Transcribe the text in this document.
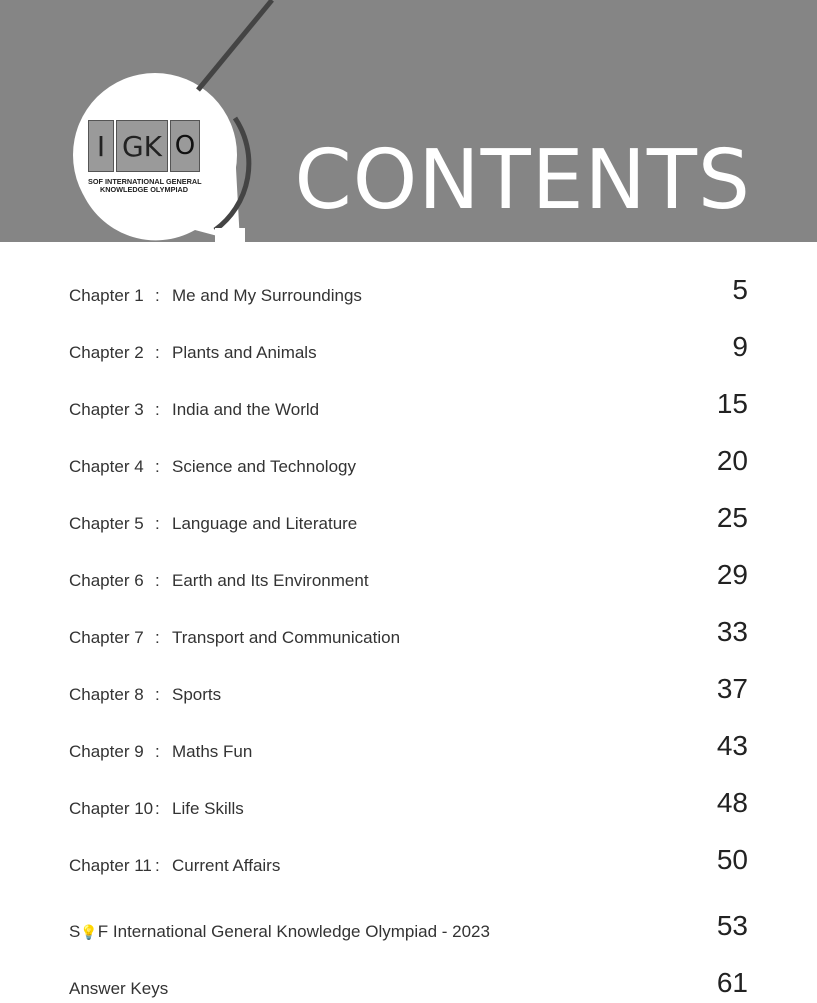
I GK O
SOF INTERNATIONAL GENERAL
KNOWLEDGE OLYMPIAD CONTENTS
Chapter 1 : Me and My Surroundings	5
Chapter 2 : Plants and Animals	9
Chapter 3 : India and the World	15
Chapter 4 : Science and Technology	20
Chapter 5 : Language and Literature	25
Chapter 6 : Earth and Its Environment	29
Chapter 7 : Transport and Communication	33
Chapter 8 : Sports	37
Chapter 9 : Maths Fun	43
Chapter 10 : Life Skills	48
Chapter 11 : Current Affairs	50
S💡F International General Knowledge Olympiad - 2023	53
Answer Keys	61
